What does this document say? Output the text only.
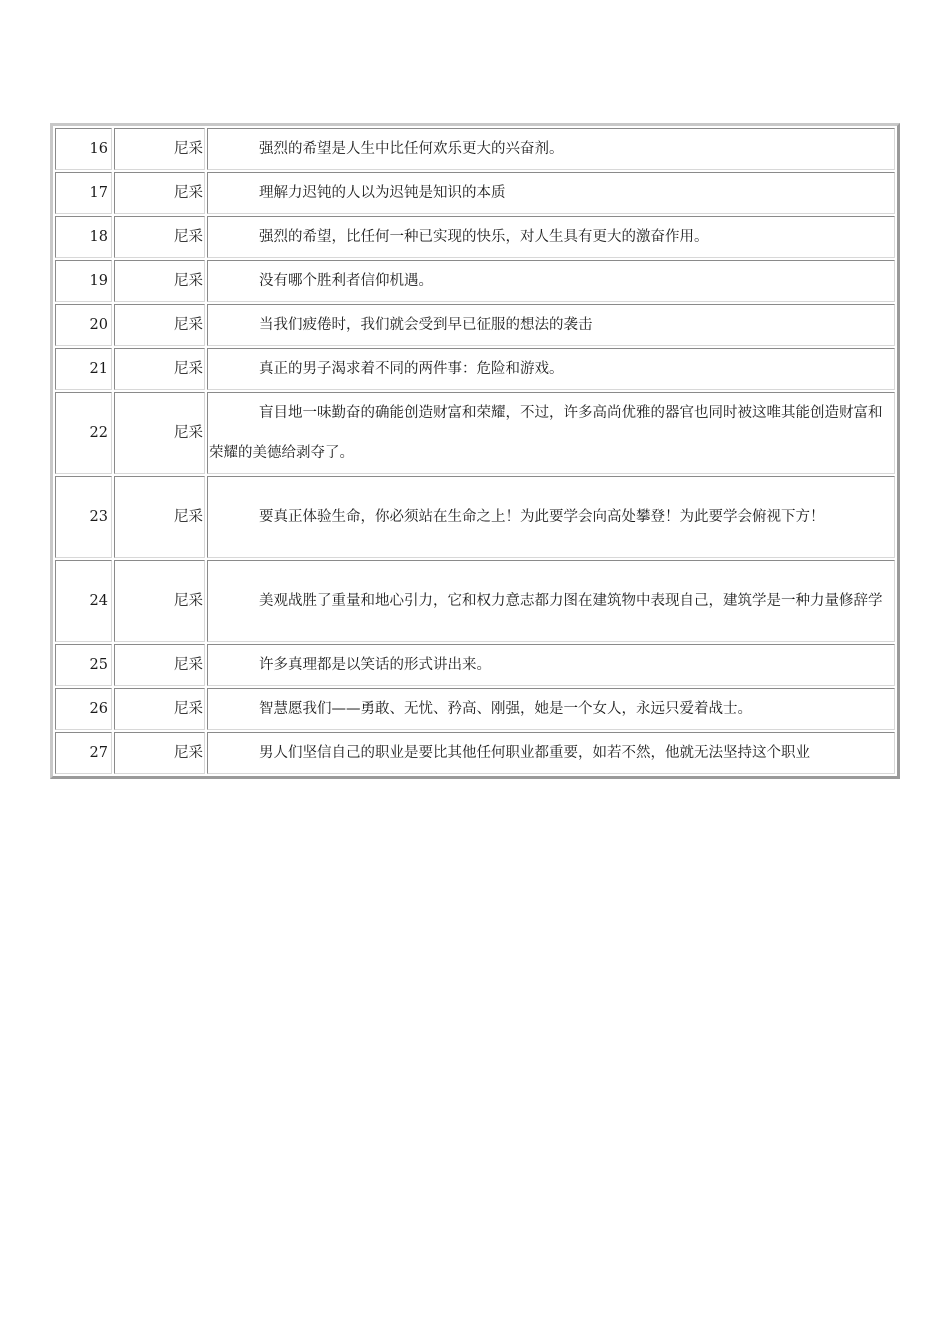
16	尼采	强烈的希望是人生中比任何欢乐更大的兴奋剂。
17	尼采	理解力迟钝的人以为迟钝是知识的本质
18	尼采	强烈的希望，比任何一种已实现的快乐，对人生具有更大的激奋作用。
19	尼采	没有哪个胜利者信仰机遇。
20	尼采	当我们疲倦时，我们就会受到早已征服的想法的袭击
21	尼采	真正的男子渴求着不同的两件事：危险和游戏。
22	尼采	盲目地一味勤奋的确能创造财富和荣耀，不过，许多高尚优雅的器官也同时被这唯其能创造财富和荣耀的美德给剥夺了。
23	尼采	要真正体验生命，你必须站在生命之上！为此要学会向高处攀登！为此要学会俯视下方！
24	尼采	美观战胜了重量和地心引力，它和权力意志都力图在建筑物中表现自己，建筑学是一种力量修辞学
25	尼采	许多真理都是以笑话的形式讲出来。
26	尼采	智慧愿我们——勇敢、无忧、矜高、刚强，她是一个女人，永远只爱着战士。
27	尼采	男人们坚信自己的职业是要比其他任何职业都重要，如若不然，他就无法坚持这个职业
